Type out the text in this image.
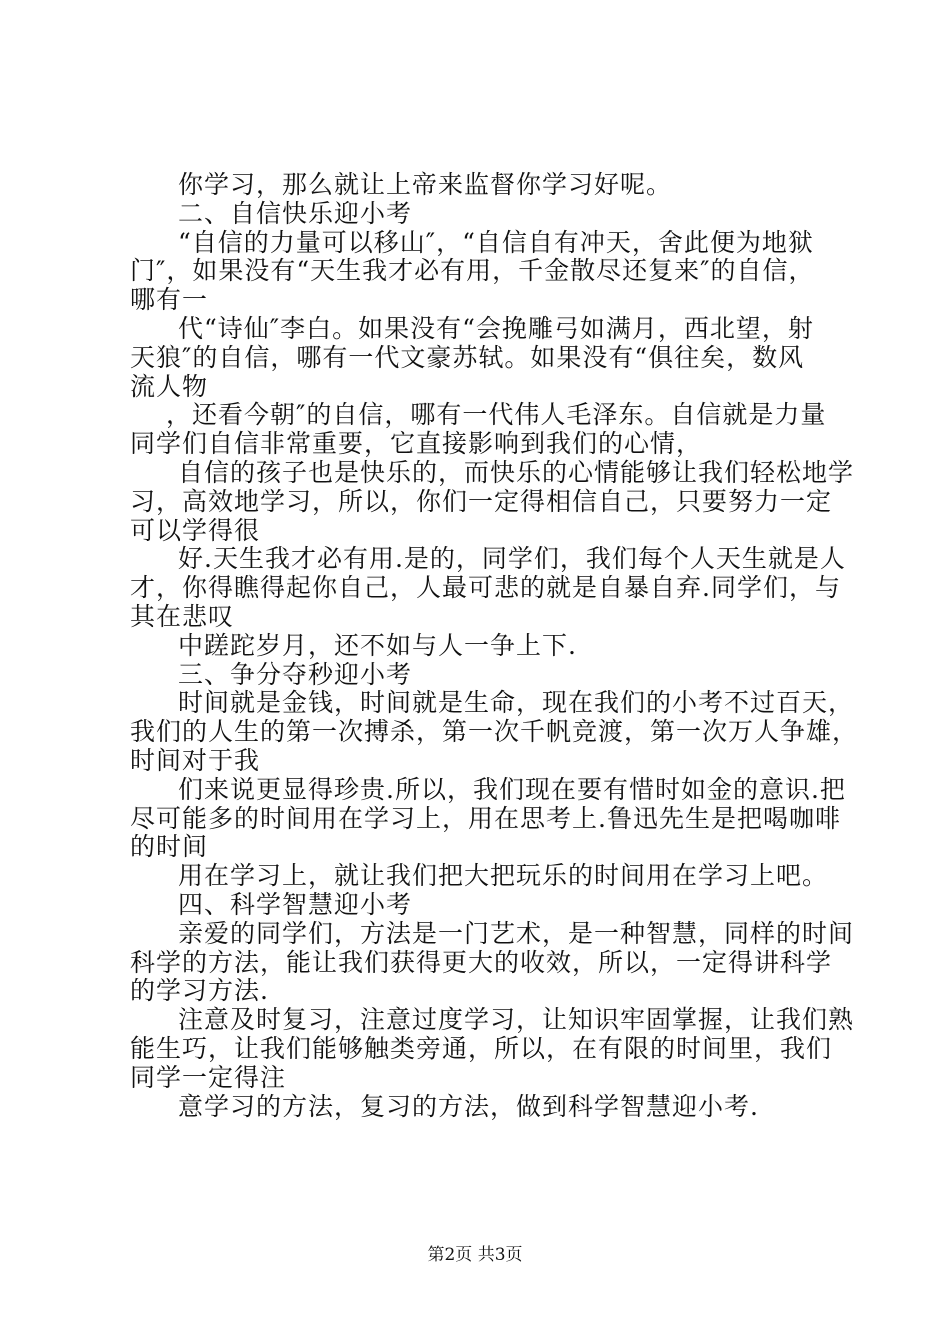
你学习，那么就让上帝来监督你学习好呢。
二、自信快乐迎小考
“自信的力量可以移山″，“自信自有冲天，舍此便为地狱
门″，如果没有“天生我才必有用，千金散尽还复来″的自信，
哪有一
代“诗仙″李白。如果没有“会挽雕弓如满月，西北望，射
天狼″的自信，哪有一代文豪苏轼。如果没有“俱往矣，数风
流人物
，还看今朝″的自信，哪有一代伟人毛泽东。自信就是力量
同学们自信非常重要，它直接影响到我们的心情，
自信的孩子也是快乐的，而快乐的心情能够让我们轻松地学
习，高效地学习，所以，你们一定得相信自己，只要努力一定
可以学得很
好.天生我才必有用.是的，同学们，我们每个人天生就是人
才，你得瞧得起你自己，人最可悲的就是自暴自弃.同学们，与
其在悲叹
中蹉跎岁月，还不如与人一争上下.
三、争分夺秒迎小考
时间就是金钱，时间就是生命，现在我们的小考不过百天，
我们的人生的第一次搏杀，第一次千帆竞渡，第一次万人争雄，
时间对于我
们来说更显得珍贵.所以，我们现在要有惜时如金的意识.把
尽可能多的时间用在学习上，用在思考上.鲁迅先生是把喝咖啡
的时间
用在学习上，就让我们把大把玩乐的时间用在学习上吧。
四、科学智慧迎小考
亲爱的同学们，方法是一门艺术，是一种智慧，同样的时间
科学的方法，能让我们获得更大的收效，所以，一定得讲科学
的学习方法.
注意及时复习，注意过度学习，让知识牢固掌握，让我们熟
能生巧，让我们能够触类旁通，所以，在有限的时间里，我们
同学一定得注
意学习的方法，复习的方法，做到科学智慧迎小考.
第2页 共3页
